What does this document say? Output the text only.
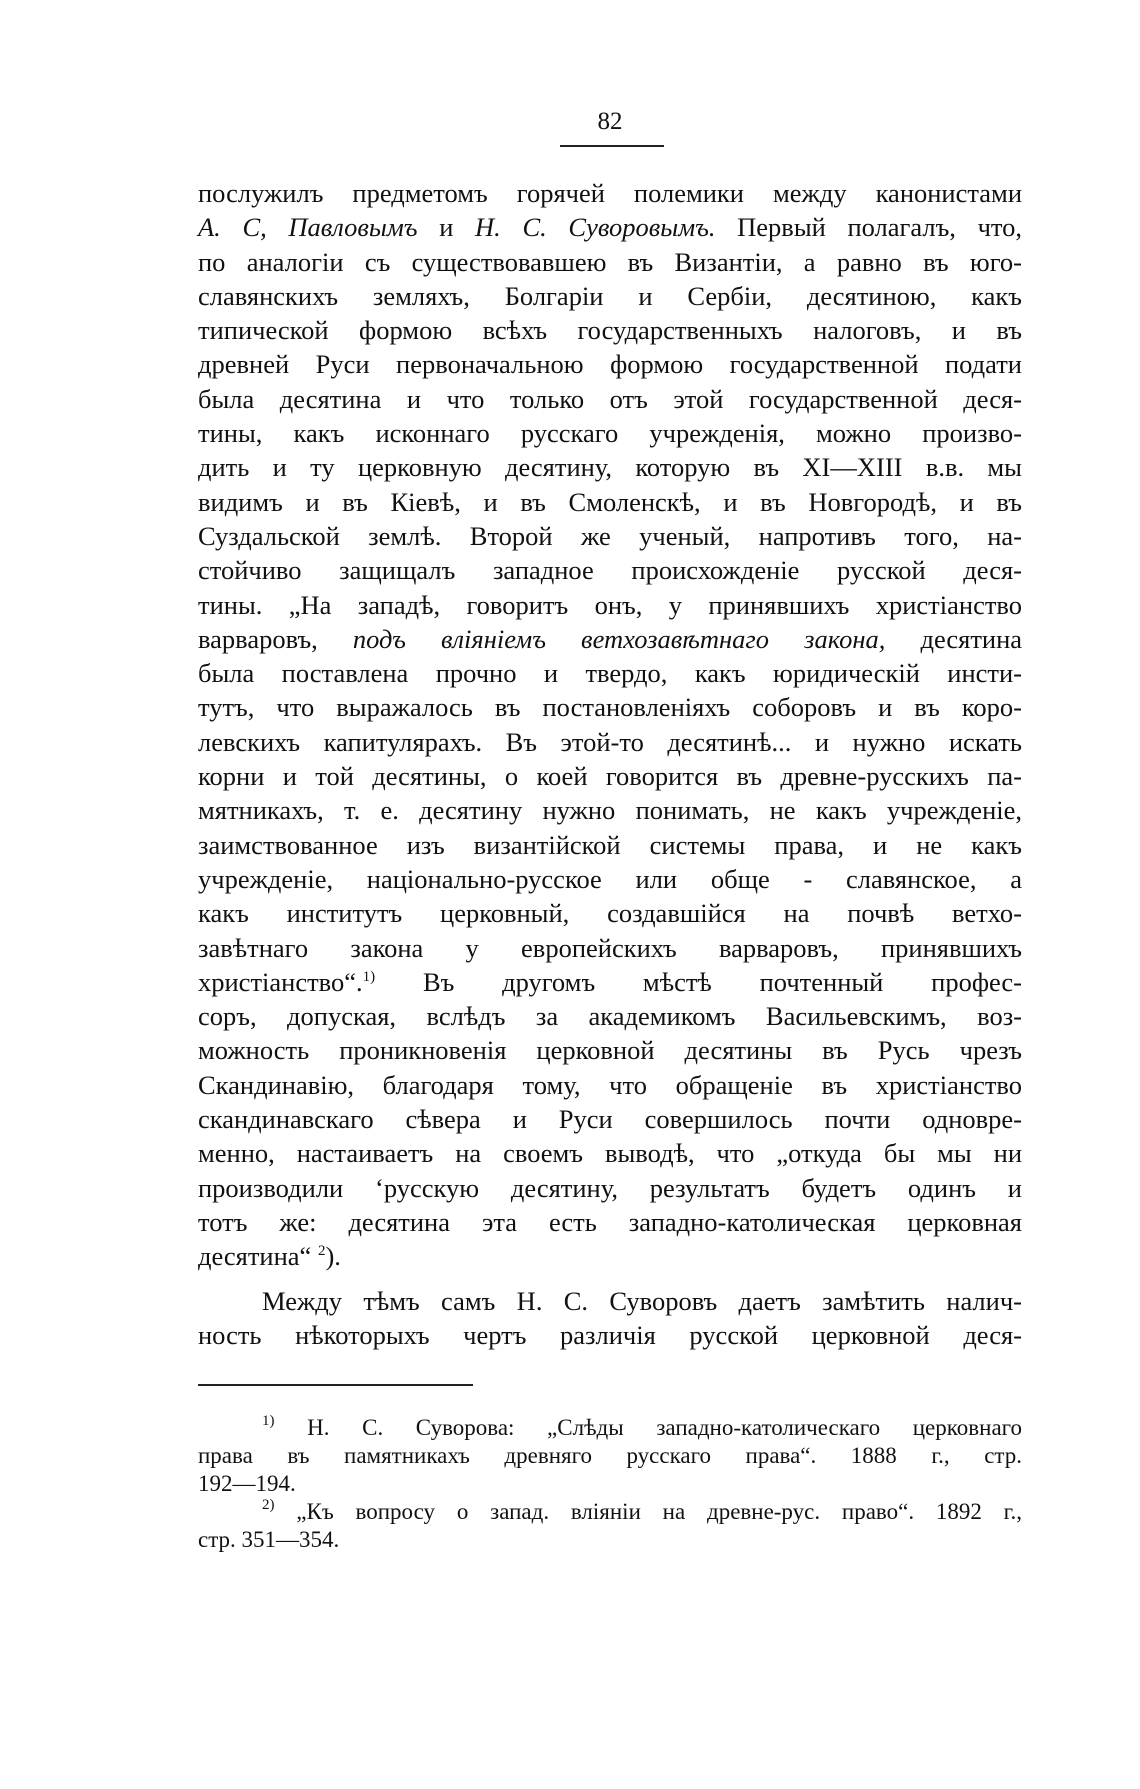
82
послужилъ предметомъ горячей полемики между канонистами
А. С, Павловымъ и Н. С. Суворовымъ. Первый полагалъ, что,
по аналогіи съ существовавшею въ Византіи, а равно въ юго-
славянскихъ земляхъ, Болгаріи и Сербіи, десятиною, какъ
типической формою всѣхъ государственныхъ налоговъ, и въ
древней Руси первоначальною формою государственной подати
была десятина и что только отъ этой государственной деся-
тины, какъ исконнаго русскаго учрежденія, можно произво-
дить и ту церковную десятину, которую въ XI—XIII в.в. мы
видимъ и въ Кіевѣ, и въ Смоленскѣ, и въ Новгородѣ, и въ
Суздальской землѣ. Второй же ученый, напротивъ того, на-
стойчиво защищалъ западное происхожденіе русской деся-
тины. „На западѣ, говоритъ онъ, у принявшихъ христіанство
варваровъ, подъ вліяніемъ ветхозавѣтнаго закона, десятина
была поставлена прочно и твердо, какъ юридическій инсти-
тутъ, что выражалось въ постановленіяхъ соборовъ и въ коро-
левскихъ капитулярахъ. Въ этой-то десятинѣ... и нужно искать
корни и той десятины, о коей говорится въ древне-русскихъ па-
мятникахъ, т. е. десятину нужно понимать, не какъ учрежденіе,
заимствованное изъ византійской системы права, и не какъ
учрежденіе, національно-русское или обще - славянское, а
какъ институтъ церковный, создавшійся на почвѣ ветхо-
завѣтнаго закона у европейскихъ варваровъ, принявшихъ
христіанство“.$^{1)}$ Въ другомъ мѣстѣ почтенный профес-
соръ, допуская, вслѣдъ за академикомъ Васильевскимъ, воз-
можность проникновенія церковной десятины въ Русь чрезъ
Скандинавію, благодаря тому, что обращеніе въ христіанство
скандинавскаго сѣвера и Руси совершилось почти одновре-
менно, настаиваетъ на своемъ выводѣ, что „откуда бы мы ни
производили ‘русскую десятину, результатъ будетъ одинъ и
тотъ же: десятина эта есть западно-католическая церковная
десятина“ $^2$).
Между тѣмъ самъ Н. С. Суворовъ даетъ замѣтить налич-
ность нѣкоторыхъ чертъ различія русской церковной деся-
$^{1)}$ Н. С. Суворова: „Слѣды западно-католическаго церковнаго
права въ памятникахъ древняго русскаго права“. 1888 г., стр.
192—194.
$^{2)}$ „Къ вопросу о запад. вліяніи на древне-рус. право“. 1892 г.,
стр. 351—354.
